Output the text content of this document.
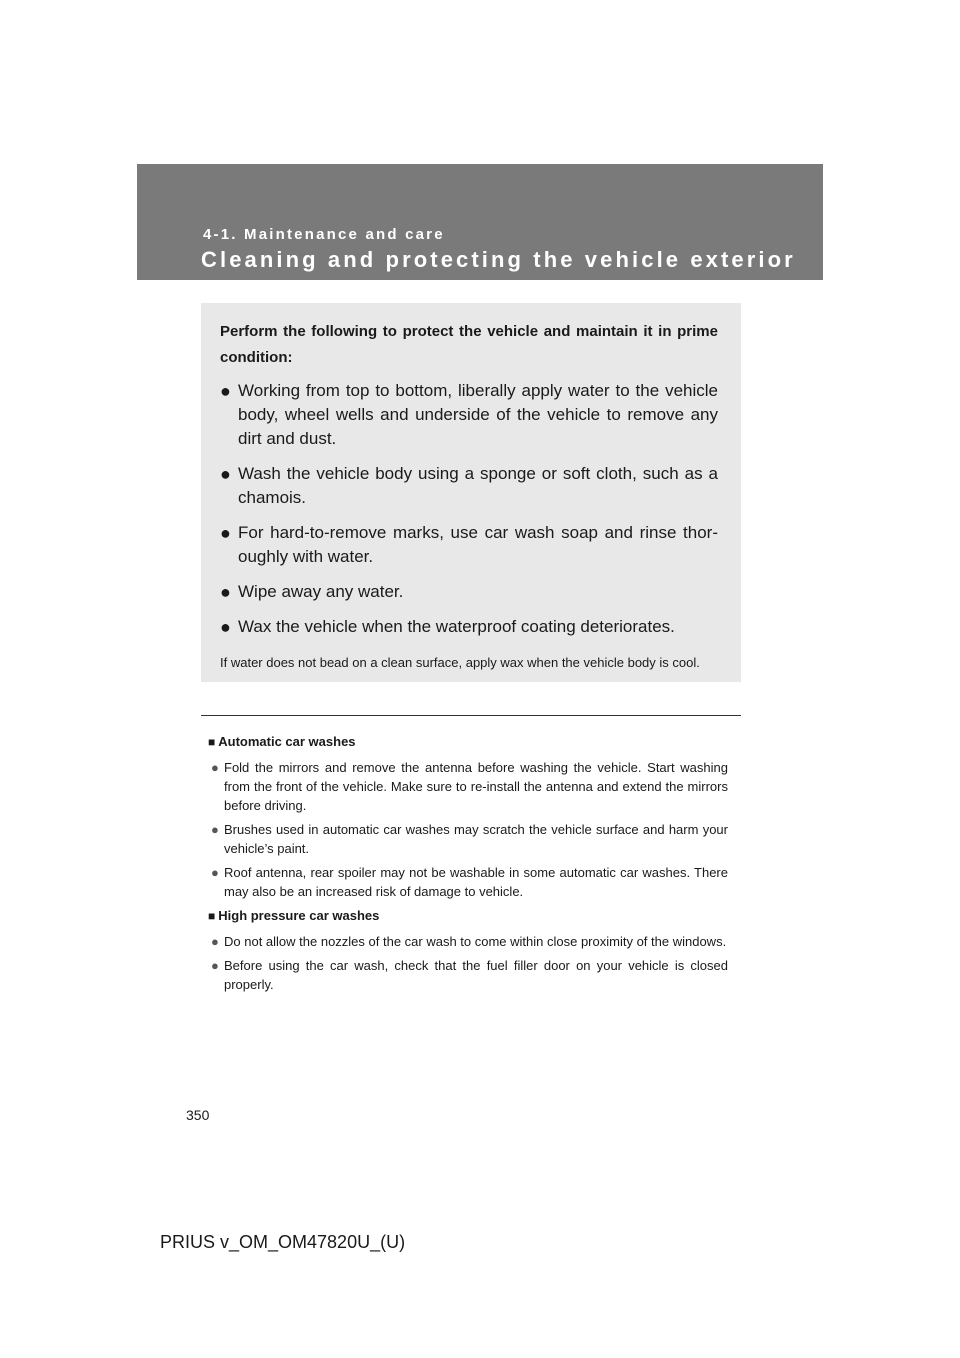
4-1. Maintenance and care
Cleaning and protecting the vehicle exterior

Perform the following to protect the vehicle and maintain it in prime condition:

● Working from top to bottom, liberally apply water to the vehicle body, wheel wells and underside of the vehicle to remove any dirt and dust.
● Wash the vehicle body using a sponge or soft cloth, such as a chamois.
● For hard-to-remove marks, use car wash soap and rinse thor-oughly with water.
● Wipe away any water.
● Wax the vehicle when the waterproof coating deteriorates.

If water does not bead on a clean surface, apply wax when the vehicle body is cool.

■ Automatic car washes
● Fold the mirrors and remove the antenna before washing the vehicle. Start washing from the front of the vehicle. Make sure to re-install the antenna and extend the mirrors before driving.
● Brushes used in automatic car washes may scratch the vehicle surface and harm your vehicle’s paint.
● Roof antenna, rear spoiler may not be washable in some automatic car washes. There may also be an increased risk of damage to vehicle.
■ High pressure car washes
● Do not allow the nozzles of the car wash to come within close proximity of the windows.
● Before using the car wash, check that the fuel filler door on your vehicle is closed properly.
350
PRIUS v_OM_OM47820U_(U)
